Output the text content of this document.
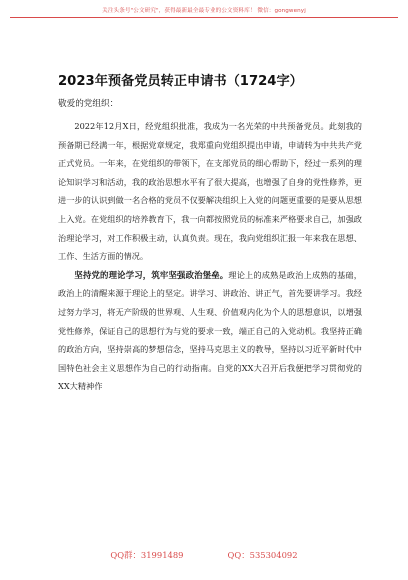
关注头条号"公文研究"，获得最新最全最专业的公文资料库！ 微信：gongwenyj
2023年预备党员转正申请书（1724字）
敬爱的党组织：

2022年12月X日，经党组织批准，我成为一名光荣的中共预备党员。此刻我的预备期已经满一年，根据党章规定，我郑重向党组织提出申请，申请转为中共共产党正式党员。一年来，在党组织的带领下，在支部党员的细心帮助下，经过一系列的理论知识学习和活动，我的政治思想水平有了很大提高，也增强了自身的党性修养，更进一步的认识到做一名合格的党员不仅要解决组织上入党的问题更重要的是要从思想上入党。在党组织的培养教育下，我一向都按照党员的标准来严格要求自己，加强政治理论学习，对工作积极主动，认真负责。现在，我向党组织汇报一年来我在思想、工作、生活方面的情况。

坚持党的理论学习，筑牢坚强政治堡垒。理论上的成熟是政治上成熟的基础，政治上的清醒来源于理论上的坚定。讲学习、讲政治、讲正气，首先要讲学习。我经过努力学习，将无产阶级的世界观、人生观、价值观内化为个人的思想意识，以增强党性修养，保证自己的思想行为与党的要求一致，端正自己的入党动机。我坚持正确的政治方向，坚持崇高的梦想信念，坚持马克思主义的教导，坚持以习近平新时代中国特色社会主义思想作为自己的行动指南。自党的XX大召开后我便把学习贯彻党的XX大精神作

QQ群：31991489	QQ：535304092
